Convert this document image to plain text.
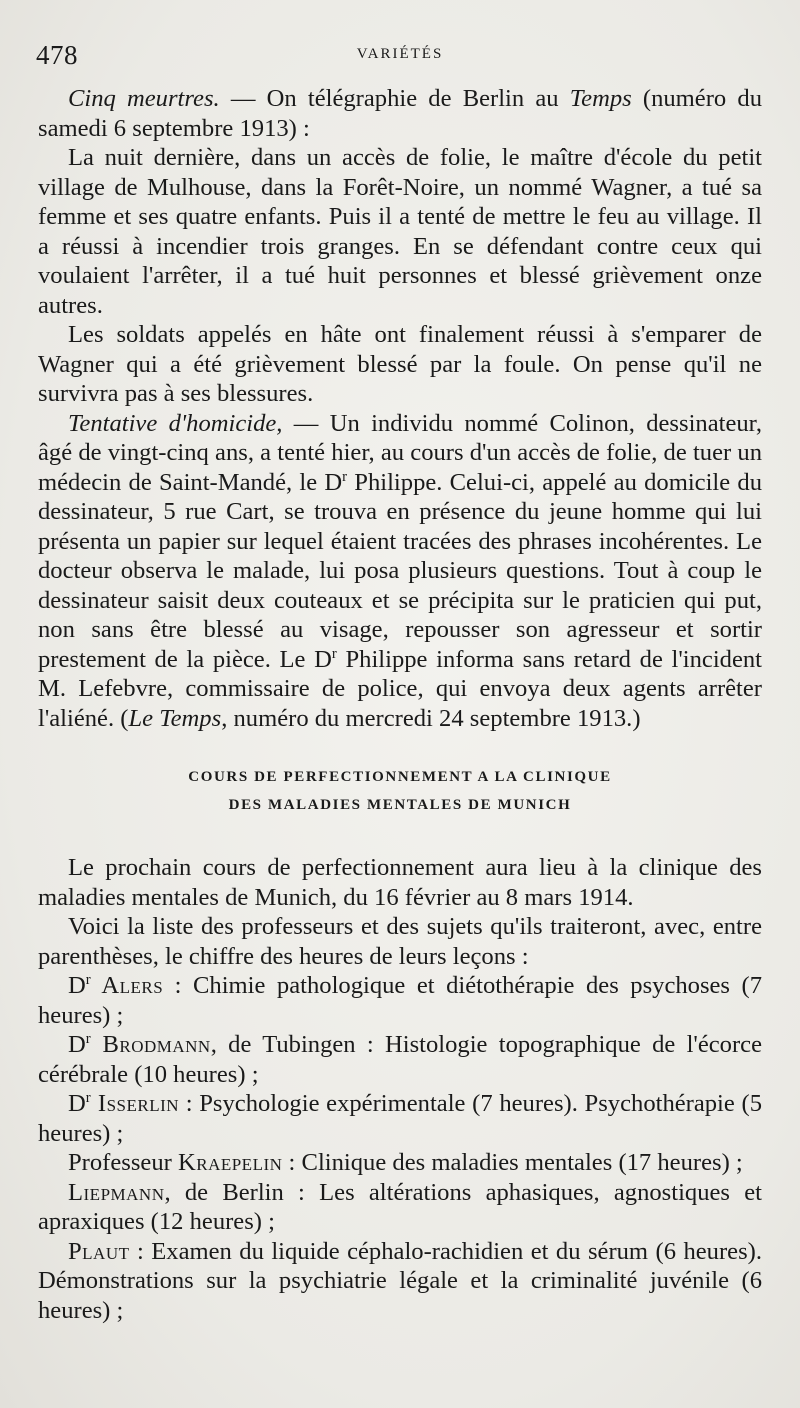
478	VARIÉTÉS

Cinq meurtres. — On télégraphie de Berlin au Temps (numéro du samedi 6 septembre 1913) :

La nuit dernière, dans un accès de folie, le maître d'école du petit village de Mulhouse, dans la Forêt-Noire, un nommé Wagner, a tué sa femme et ses quatre enfants. Puis il a tenté de mettre le feu au village. Il a réussi à incendier trois granges. En se défendant contre ceux qui voulaient l'arrêter, il a tué huit personnes et blessé grièvement onze autres.

Les soldats appelés en hâte ont finalement réussi à s'emparer de Wagner qui a été grièvement blessé par la foule. On pense qu'il ne survivra pas à ses blessures.

Tentative d'homicide, — Un individu nommé Colinon, dessinateur, âgé de vingt-cinq ans, a tenté hier, au cours d'un accès de folie, de tuer un médecin de Saint-Mandé, le $D^r$ Philippe. Celui-ci, appelé au domicile du dessinateur, 5 rue Cart, se trouva en présence du jeune homme qui lui présenta un papier sur lequel étaient tracées des phrases incohérentes. Le docteur observa le malade, lui posa plusieurs questions. Tout à coup le dessinateur saisit deux couteaux et se précipita sur le praticien qui put, non sans être blessé au visage, repousser son agresseur et sortir prestement de la pièce. Le $D^r$ Philippe informa sans retard de l'incident M. Lefebvre, commissaire de police, qui envoya deux agents arrêter l'aliéné. (Le Temps, numéro du mercredi 24 septembre 1913.)

COURS DE PERFECTIONNEMENT A LA CLINIQUE
DES MALADIES MENTALES DE MUNICH

Le prochain cours de perfectionnement aura lieu à la clinique des maladies mentales de Munich, du 16 février au 8 mars 1914.

Voici la liste des professeurs et des sujets qu'ils traiteront, avec, entre parenthèses, le chiffre des heures de leurs leçons :

$D^r$ Alers : Chimie pathologique et diétothérapie des psychoses (7 heures) ;

$D^r$ Brodmann, de Tubingen : Histologie topographique de l'écorce cérébrale (10 heures) ;

$D^r$ Isserlin : Psychologie expérimentale (7 heures). Psychothérapie (5 heures) ;

Professeur Kraepelin : Clinique des maladies mentales (17 heures) ;

Liepmann, de Berlin : Les altérations aphasiques, agnostiques et apraxiques (12 heures) ;

Plaut : Examen du liquide céphalo-rachidien et du sérum (6 heures). Démonstrations sur la psychiatrie légale et la criminalité juvénile (6 heures) ;
